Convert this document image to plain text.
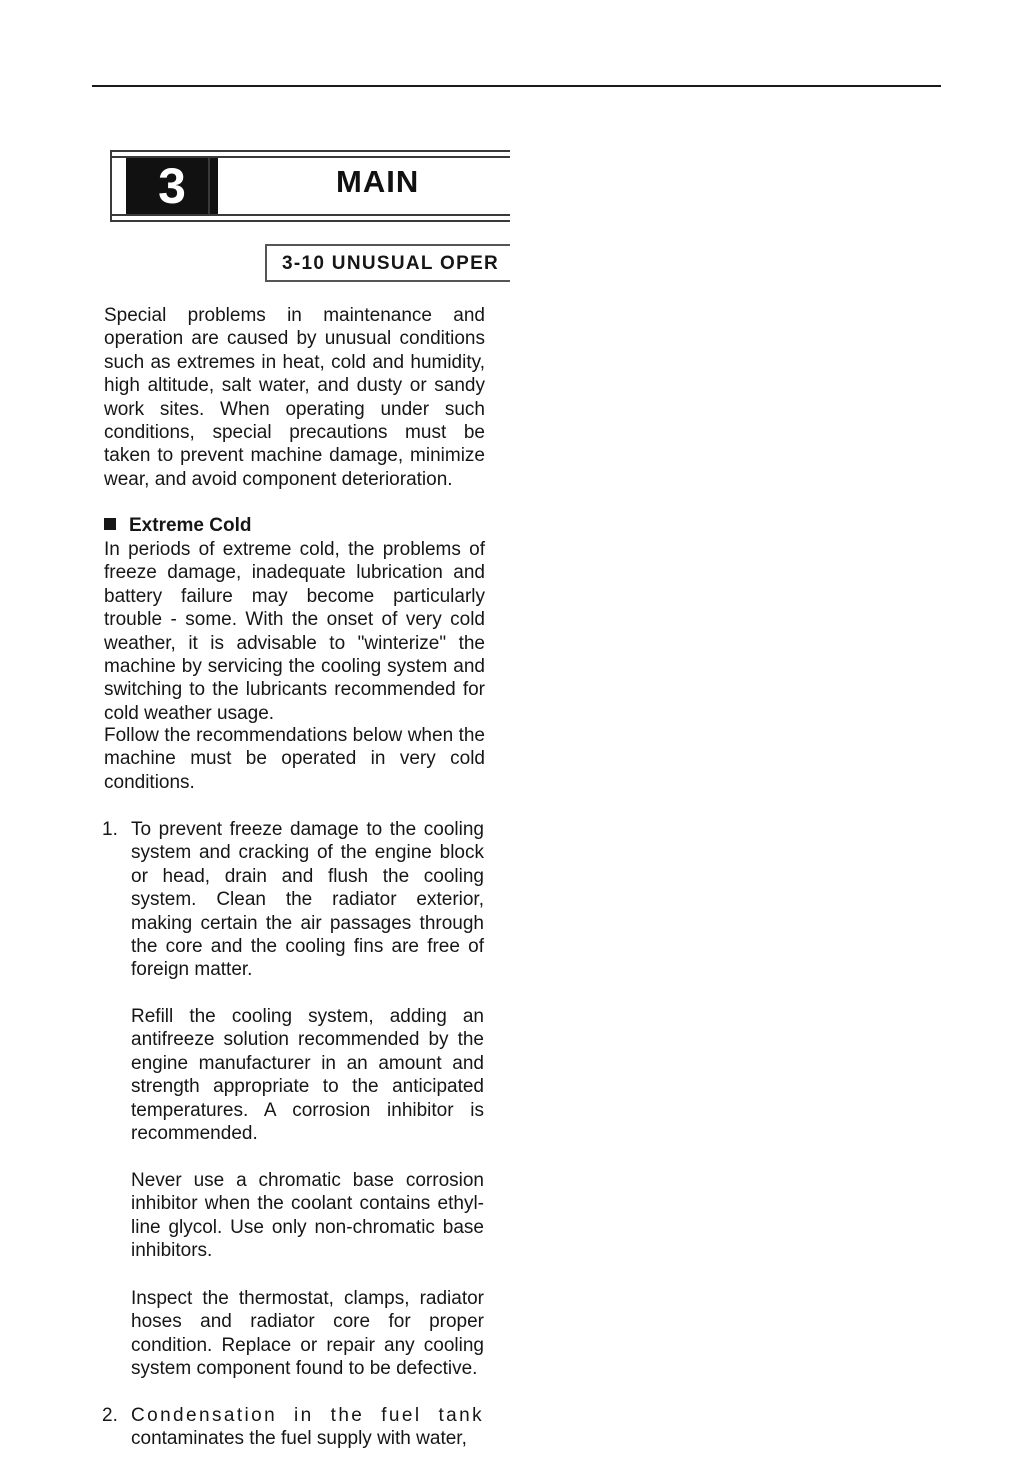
3	MAIN
3-10 UNUSUAL OPER

Special problems in maintenance and

operation are caused by unusual conditions

such as extremes in heat, cold and humidity,

high altitude, salt water, and dusty or sandy

work sites. When operating under such

conditions, special precautions must be

taken to prevent machine damage, minimize

wear, and avoid component deterioration.

Extreme Cold

In periods of extreme cold, the problems of

freeze damage, inadequate lubrication and

battery failure may become particularly

trouble - some. With the onset of very cold

weather, it is advisable to "winterize" the

machine by servicing the cooling system and

switching to the lubricants recommended for

cold weather usage.

Follow the recommendations below when the

machine must be operated in very cold

conditions.

1. To prevent freeze damage to the cooling

system and cracking of the engine block

or head, drain and flush the cooling

system. Clean the radiator exterior,

making certain the air passages through

the core and the cooling fins are free of

foreign matter.

Refill the cooling system, adding an

antifreeze solution recommended by the

engine manufacturer in an amount and

strength appropriate to the anticipated

temperatures. A corrosion inhibitor is

recommended.

Never use a chromatic base corrosion

inhibitor when the coolant contains ethyl-

line glycol. Use only non-chromatic base

inhibitors.

Inspect the thermostat, clamps, radiator

hoses and radiator core for proper

condition. Replace or repair any cooling

system component found to be defective.

2. Condensation in the fuel tank

contaminates the fuel supply with water,
